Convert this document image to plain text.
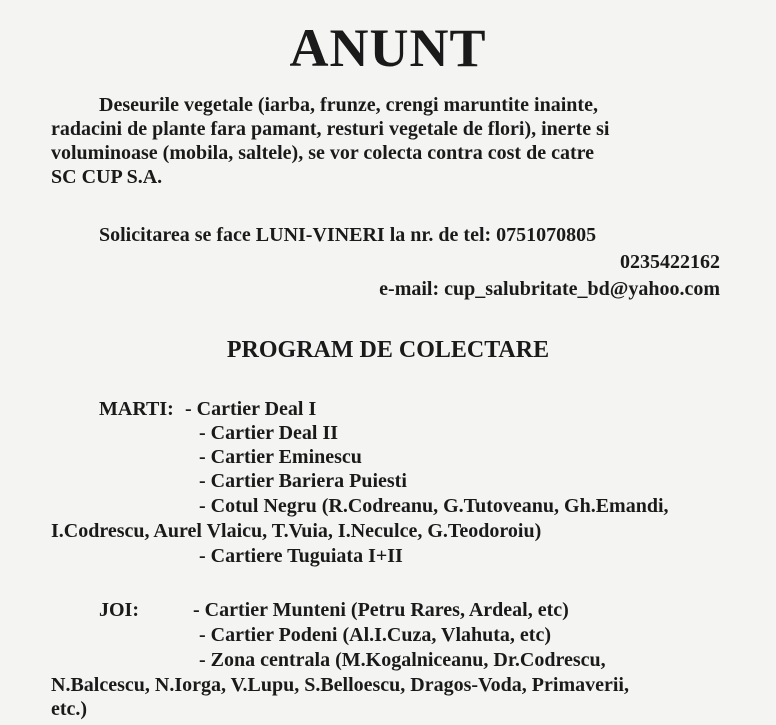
ANUNT
Deseurile vegetale (iarba, frunze, crengi maruntite inainte,
radacini de plante fara pamant, resturi vegetale de flori), inerte si
voluminoase (mobila, saltele), se vor colecta contra cost de catre
SC CUP S.A.
Solicitarea se face LUNI-VINERI la nr. de tel: 0751070805
0235422162
e-mail: cup_salubritate_bd@yahoo.com
PROGRAM DE COLECTARE
MARTI: - Cartier Deal I
- Cartier Deal II
- Cartier Eminescu
- Cartier Bariera Puiesti
- Cotul Negru (R.Codreanu, G.Tutoveanu, Gh.Emandi,
I.Codrescu, Aurel Vlaicu, T.Vuia, I.Neculce, G.Teodoroiu)
- Cartiere Tuguiata I+II
JOI:	- Cartier Munteni (Petru Rares, Ardeal, etc)
- Cartier Podeni (Al.I.Cuza, Vlahuta, etc)
- Zona centrala (M.Kogalniceanu, Dr.Codrescu,
N.Balcescu, N.Iorga, V.Lupu, S.Belloescu, Dragos-Voda, Primaverii,
etc.)
